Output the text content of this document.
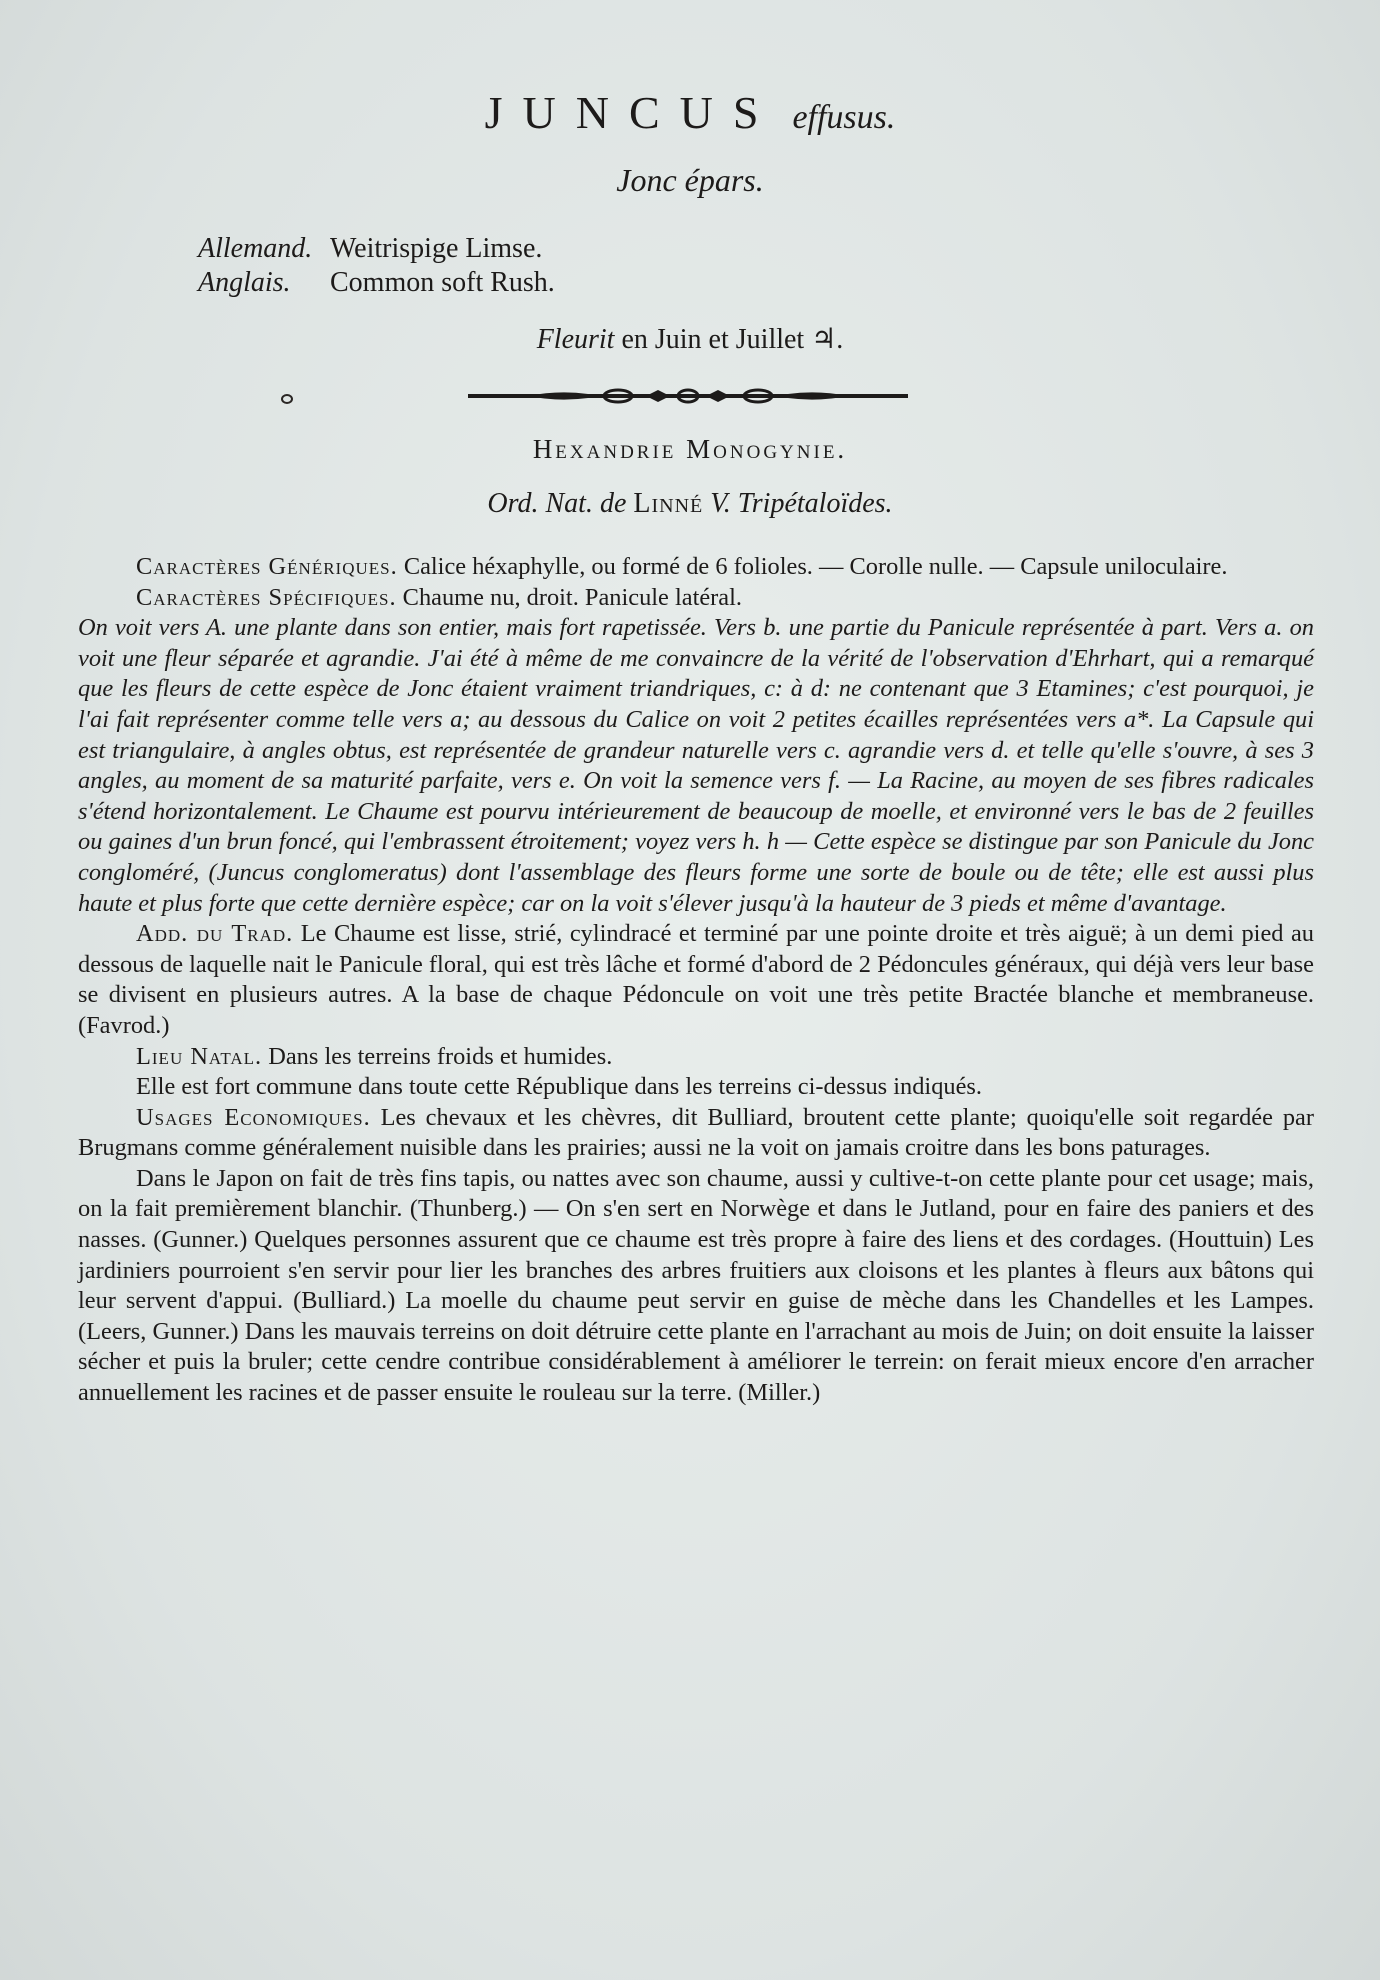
JUNCUS effusus.
Jonc épars.
Allemand. Weitrispige Limse.
Anglais. Common soft Rush.
Fleurit en Juin et Juillet ♃.
Hexandrie Monogynie.
Ord. Nat. de Linné V. Tripétaloïdes.

Caractères Génériques. Calice héxaphylle, ou formé de 6 folioles. — Corolle nulle. — Capsule uniloculaire.

Caractères Spécifiques. Chaume nu, droit. Panicule latéral.

On voit vers A. une plante dans son entier, mais fort rapetissée. Vers b. une partie du Panicule représentée à part. Vers a. on voit une fleur séparée et agrandie. J'ai été à même de me convaincre de la vérité de l'observation d'Ehrhart, qui a remarqué que les fleurs de cette espèce de Jonc étaient vraiment triandriques, c: à d: ne contenant que 3 Etamines; c'est pourquoi, je l'ai fait représenter comme telle vers a; au dessous du Calice on voit 2 petites écailles représentées vers a*. La Capsule qui est triangulaire, à angles obtus, est représentée de grandeur naturelle vers c. agrandie vers d. et telle qu'elle s'ouvre, à ses 3 angles, au moment de sa maturité parfaite, vers e. On voit la semence vers f. — La Racine, au moyen de ses fibres radicales s'étend horizontalement. Le Chaume est pourvu intérieurement de beaucoup de moelle, et environné vers le bas de 2 feuilles ou gaines d'un brun foncé, qui l'embrassent étroitement; voyez vers h. h — Cette espèce se distingue par son Panicule du Jonc congloméré, (Juncus conglomeratus) dont l'assemblage des fleurs forme une sorte de boule ou de tête; elle est aussi plus haute et plus forte que cette dernière espèce; car on la voit s'élever jusqu'à la hauteur de 3 pieds et même d'avantage.

Add. du Trad. Le Chaume est lisse, strié, cylindracé et terminé par une pointe droite et très aiguë; à un demi pied au dessous de laquelle nait le Panicule floral, qui est très lâche et formé d'abord de 2 Pédoncules généraux, qui déjà vers leur base se divisent en plusieurs autres. A la base de chaque Pédoncule on voit une très petite Bractée blanche et membraneuse. (Favrod.)

Lieu Natal. Dans les terreins froids et humides.

Elle est fort commune dans toute cette République dans les terreins ci-dessus indiqués.

Usages Economiques. Les chevaux et les chèvres, dit Bulliard, broutent cette plante; quoiqu'elle soit regardée par Brugmans comme généralement nuisible dans les prairies; aussi ne la voit on jamais croitre dans les bons paturages.

Dans le Japon on fait de très fins tapis, ou nattes avec son chaume, aussi y cultive-t-on cette plante pour cet usage; mais, on la fait premièrement blanchir. (Thunberg.) — On s'en sert en Norwège et dans le Jutland, pour en faire des paniers et des nasses. (Gunner.) Quelques personnes assurent que ce chaume est très propre à faire des liens et des cordages. (Houttuin) Les jardiniers pourroient s'en servir pour lier les branches des arbres fruitiers aux cloisons et les plantes à fleurs aux bâtons qui leur servent d'appui. (Bulliard.) La moelle du chaume peut servir en guise de mèche dans les Chandelles et les Lampes. (Leers, Gunner.) Dans les mauvais terreins on doit détruire cette plante en l'arrachant au mois de Juin; on doit ensuite la laisser sécher et puis la bruler; cette cendre contribue considérablement à améliorer le terrein: on ferait mieux encore d'en arracher annuellement les racines et de passer ensuite le rouleau sur la terre. (Miller.)
